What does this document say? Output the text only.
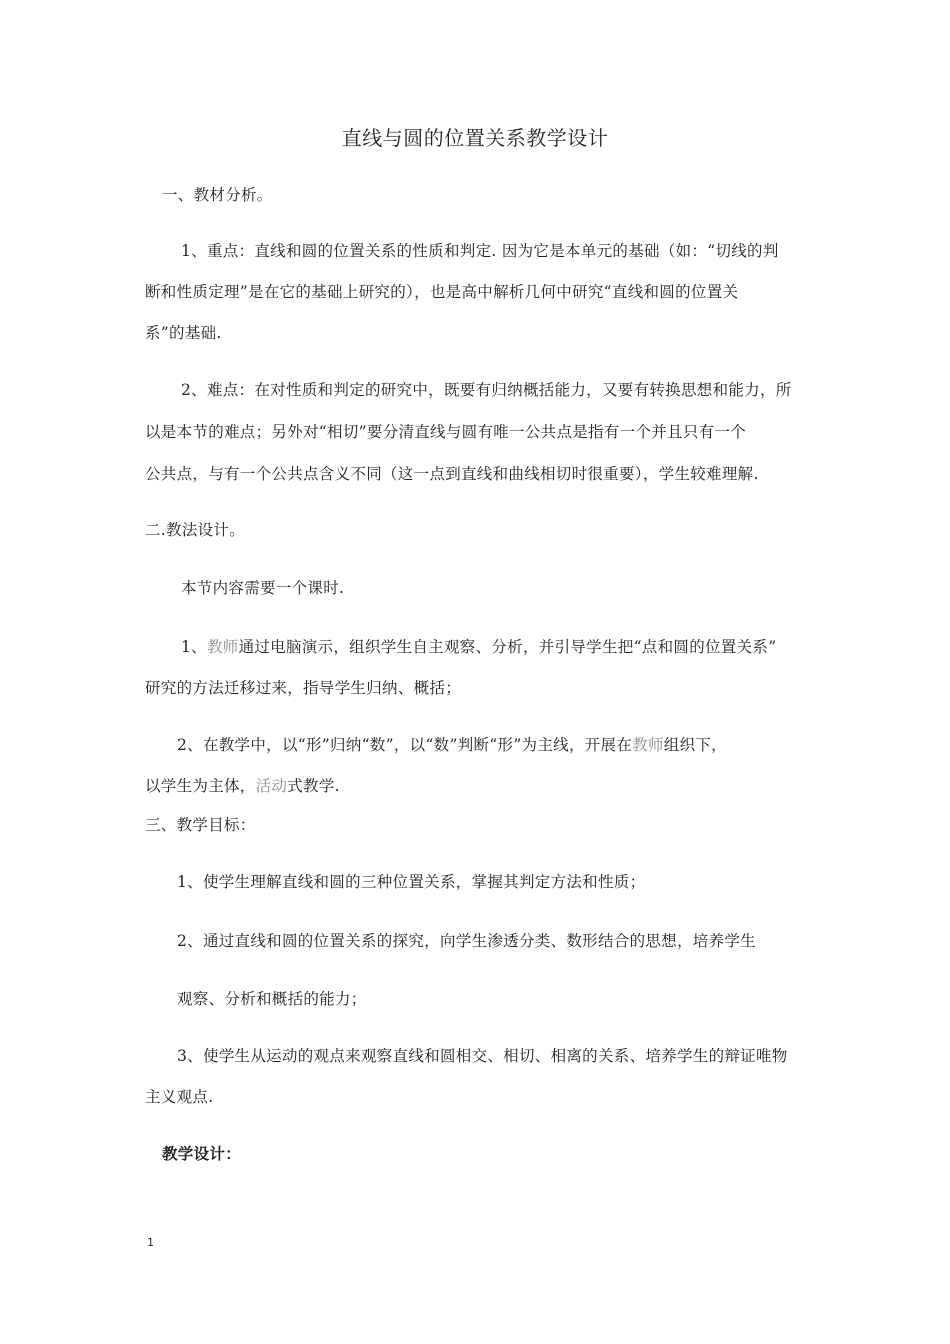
直线与圆的位置关系教学设计
一、教材分析。
1、重点：直线和圆的位置关系的性质和判定. 因为它是本单元的基础（如：“切线的判
断和性质定理”是在它的基础上研究的），也是高中解析几何中研究“直线和圆的位置关
系”的基础.
2、难点：在对性质和判定的研究中，既要有归纳概括能力，又要有转换思想和能力，所
以是本节的难点；另外对“相切”要分清直线与圆有唯一公共点是指有一个并且只有一个
公共点，与有一个公共点含义不同（这一点到直线和曲线相切时很重要），学生较难理解.
二.教法设计。
本节内容需要一个课时.
1、教师通过电脑演示，组织学生自主观察、分析，并引导学生把“点和圆的位置关系”
研究的方法迁移过来，指导学生归纳、概括；
2、在教学中，以“形”归纳“数”，以“数”判断“形”为主线，开展在教师组织下，
以学生为主体，活动式教学.
三、教学目标：
1、使学生理解直线和圆的三种位置关系，掌握其判定方法和性质；
2、通过直线和圆的位置关系的探究，向学生渗透分类、数形结合的思想，培养学生
观察、分析和概括的能力；
3、使学生从运动的观点来观察直线和圆相交、相切、相离的关系、培养学生的辩证唯物
主义观点.
教学设计：
1
